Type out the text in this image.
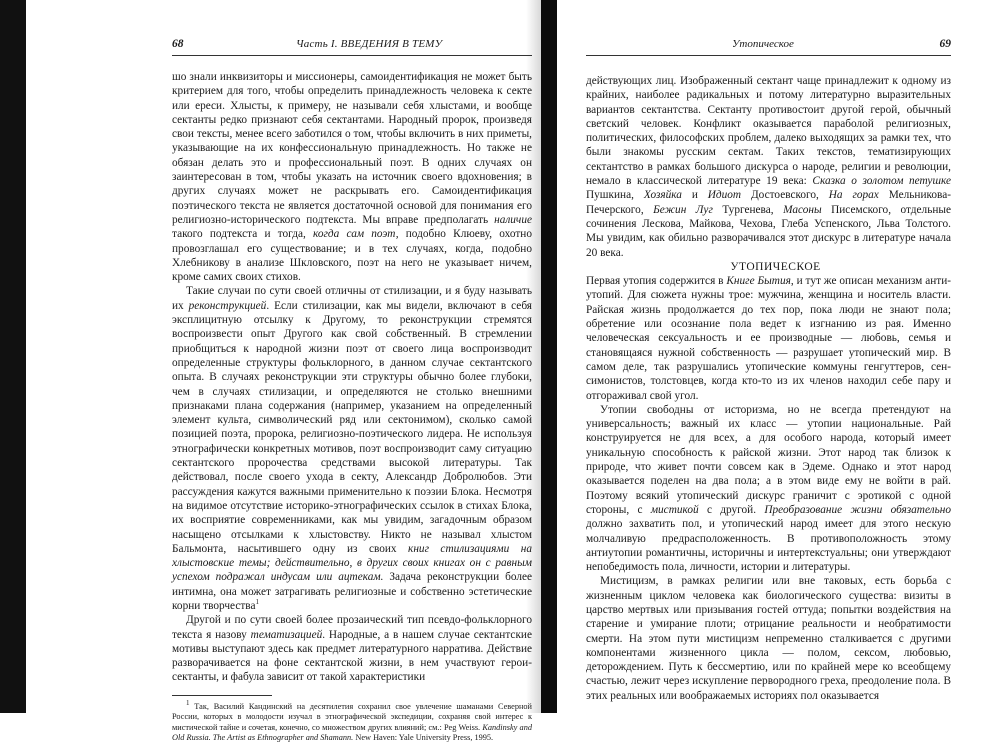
68	Часть I. ВВЕДЕНИЯ В ТЕМУ

шо знали инквизиторы и миссионеры, самоидентификация не может быть критерием для того, чтобы определить принадлежность человека к секте или ереси. Хлысты, к примеру, не называли себя хлыстами, и вообще сектанты редко признают себя сектантами. Народный пророк, произведя свои тексты, менее всего заботился о том, чтобы включить в них приметы, указывающие на их конфессиональную принадлежность. Но также не обязан делать это и профессиональный поэт. В одних случаях он заинтересован в том, чтобы указать на источник своего вдохновения; в других случаях может не раскрывать его. Самоидентификация поэтического текста не является достаточной основой для понимания его религиозно-исторического подтекста. Мы вправе предполагать наличие такого подтекста и тогда, когда сам поэт, подобно Клюеву, охотно провозглашал его существование; и в тех случаях, когда, подобно Хлебникову в анализе Шкловского, поэт на него не указывает ничем, кроме самих своих стихов.

Такие случаи по сути своей отличны от стилизации, и я буду называть их реконструкцией. Если стилизации, как мы видели, включают в себя эксплицитную отсылку к Другому, то реконструкции стремятся воспроизвести опыт Другого как свой собственный. В стремлении приобщиться к народной жизни поэт от своего лица воспроизводит определенные структуры фольклорного, в данном случае сектантского опыта. В случаях реконструкции эти структуры обычно более глубоки, чем в случаях стилизации, и определяются не столько внешними признаками плана содержания (например, указанием на определенный элемент культа, символический ряд или сектонимом), сколько самой позицией поэта, пророка, религиозно-поэтического лидера. Не используя этнографически конкретных мотивов, поэт воспроизводит саму ситуацию сектантского пророчества средствами высокой литературы. Так действовал, после своего ухода в секту, Александр Добролюбов. Эти рассуждения кажутся важными применительно к поэзии Блока. Несмотря на видимое отсутствие историко-этнографических ссылок в стихах Блока, их восприятие современниками, как мы увидим, загадочным образом насыщено отсылками к хлыстовству. Никто не называл хлыстом Бальмонта, насытившего одну из своих книг стилизациями на хлыстовские темы; действительно, в других своих книгах он с равным успехом подражал индусам или ацтекам. Задача реконструкции более интимна, она может затрагивать религиозные и собственно эстетические корни творчества$^1$

Другой и по сути своей более прозаический тип псевдо-фольклорного текста я назову тематизацией. Народные, а в нашем случае сектантские мотивы выступают здесь как предмет литературного нарратива. Действие разворачивается на фоне сектантской жизни, в нем участвуют герои-сектанты, и фабула зависит от такой характеристики

$^1$ Так, Василий Кандинский на десятилетия сохранил свое увлечение шаманами Северной России, которых в молодости изучал в этнографической экспедиции, сохраняя свой интерес к мистической тайне и сочетая, конечно, со множеством других влияний; см.: Peg Weiss. Kandinsky and Old Russia. The Artist as Ethnographer and Shamann. New Haven: Yale University Press, 1995.

Утопическое	69

действующих лиц. Изображенный сектант чаще принадлежит к одному из крайних, наиболее радикальных и потому литературно выразительных вариантов сектантства. Сектанту противостоит другой герой, обычный светский человек. Конфликт оказывается параболой религиозных, политических, философских проблем, далеко выходящих за рамки тех, что были знакомы русским сектам. Таких текстов, тематизирующих сектантство в рамках большого дискурса о народе, религии и революции, немало в классической литературе 19 века: Сказка о золотом петушке Пушкина, Хозяйка и Идиот Достоевского, На горах Мельникова-Печерского, Бежин Луг Тургенева, Масоны Писемского, отдельные сочинения Лескова, Майкова, Чехова, Глеба Успенского, Льва Толстого. Мы увидим, как обильно разворачивался этот дискурс в литературе начала 20 века.

УТОПИЧЕСКОЕ

Первая утопия содержится в Книге Бытия, и тут же описан механизм анти-утопий. Для сюжета нужны трое: мужчина, женщина и носитель власти. Райская жизнь продолжается до тех пор, пока люди не знают пола; обретение или осознание пола ведет к изгнанию из рая. Именно человеческая сексуальность и ее производные — любовь, семья и становящаяся нужной собственность — разрушает утопический мир. В самом деле, так разрушались утопические коммуны генгуттеров, сен-симонистов, толстовцев, когда кто-то из их членов находил себе пару и отгораживал свой угол.

Утопии свободны от историзма, но не всегда претендуют на универсальность; важный их класс — утопии национальные. Рай конструируется не для всех, а для особого народа, который имеет уникальную способность к райской жизни. Этот народ так близок к природе, что живет почти совсем как в Эдеме. Однако и этот народ оказывается поделен на два пола; а в этом виде ему не войти в рай. Поэтому всякий утопический дискурс граничит с эротикой с одной стороны, с мистикой с другой. Преобразование жизни обязательно должно захватить пол, и утопический народ имеет для этого нескую молчаливую предрасположенность. В противоположность этому антиутопии романтичны, историчны и интертекстуальны; они утверждают непобедимость пола, личности, истории и литературы.

Мистицизм, в рамках религии или вне таковых, есть борьба с жизненным циклом человека как биологического существа: визиты в царство мертвых или призывания гостей оттуда; попытки воздействия на старение и умирание плоти; отрицание реальности и необратимости смерти. На этом пути мистицизм непременно сталкивается с другими компонентами жизненного цикла — полом, сексом, любовью, деторождением. Путь к бессмертию, или по крайней мере ко всеобщему счастью, лежит через искупление первородного греха, преодоление пола. В этих реальных или воображаемых историях пол оказывается
